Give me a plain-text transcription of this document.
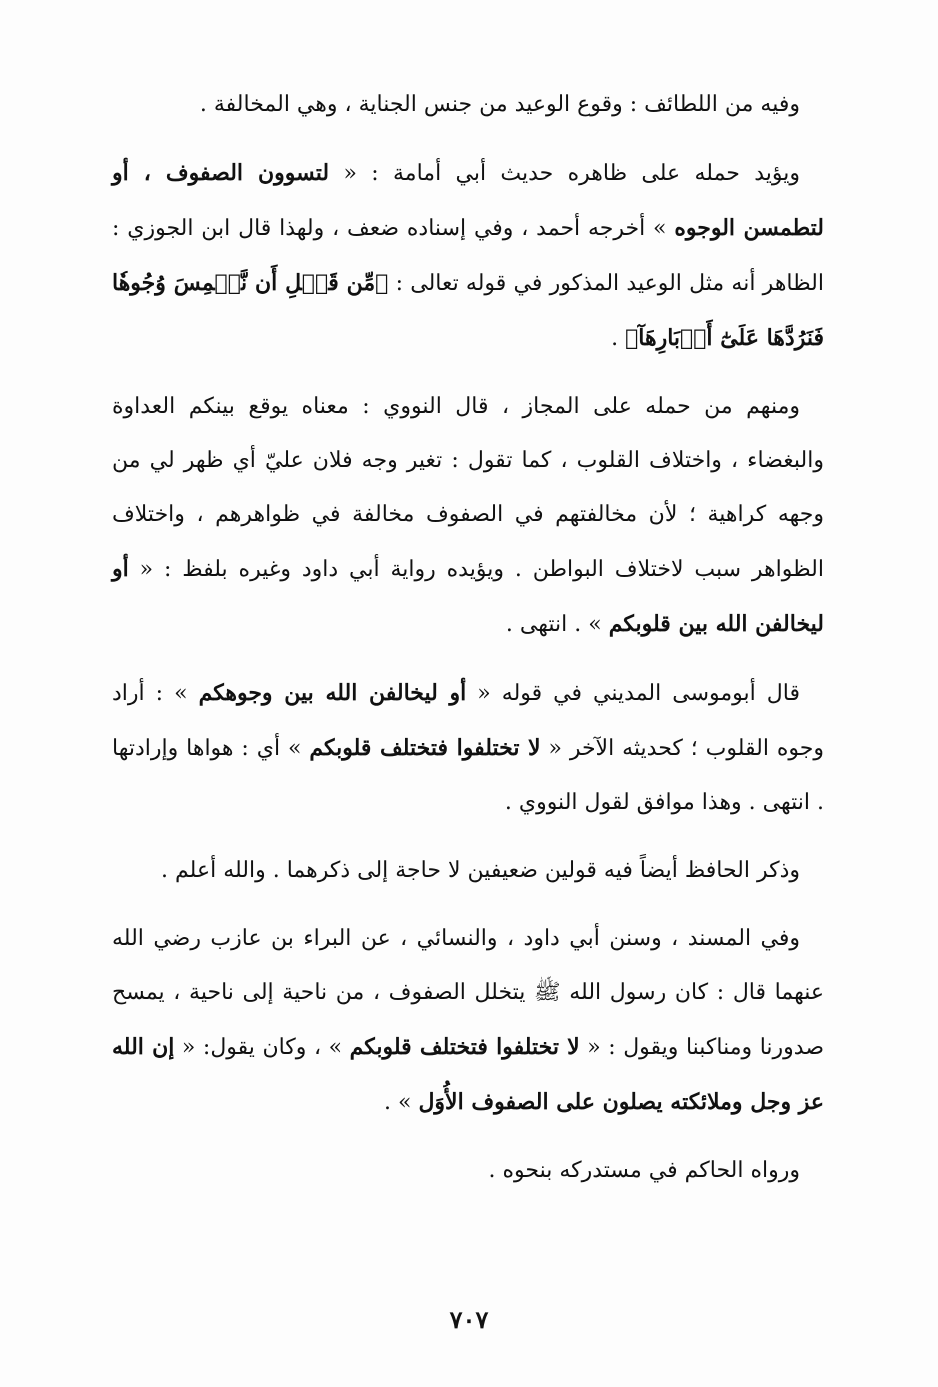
وفيه من اللطائف : وقوع الوعيد من جنس الجناية ، وهي المخالفة .

ويؤيد حمله على ظاهره حديث أبي أمامة : « لتسوون الصفوف ، أو لتطمسن الوجوه » أخرجه أحمد ، وفي إسناده ضعف ، ولهذا قال ابن الجوزي : الظاهر أنه مثل الوعيد المذكور في قوله تعالى : ﴿مِّن قَبۡلِ أَن نَّطۡمِسَ وُجُوهٗا فَنَرُدَّهَا عَلَىٰٓ أَدۡبَارِهَآ﴾ .

ومنهم من حمله على المجاز ، قال النووي : معناه يوقع بينكم العداوة والبغضاء ، واختلاف القلوب ، كما تقول : تغير وجه فلان عليّ أي ظهر لي من وجهه كراهية ؛ لأن مخالفتهم في الصفوف مخالفة في ظواهرهم ، واختلاف الظواهر سبب لاختلاف البواطن . ويؤيده رواية أبي داود وغيره بلفظ : « أو ليخالفن الله بين قلوبكم » . انتهى .

قال أبوموسى المديني في قوله « أو ليخالفن الله بين وجوهكم » : أراد وجوه القلوب ؛ كحديثه الآخر « لا تختلفوا فتختلف قلوبكم » أي : هواها وإرادتها . انتهى . وهذا موافق لقول النووي .

وذكر الحافظ أيضاً فيه قولين ضعيفين لا حاجة إلى ذكرهما . والله أعلم .

وفي المسند ، وسنن أبي داود ، والنسائي ، عن البراء بن عازب رضي الله عنهما قال : كان رسول الله ﷺ يتخلل الصفوف ، من ناحية إلى ناحية ، يمسح صدورنا ومناكبنا ويقول : « لا تختلفوا فتختلف قلوبكم » ، وكان يقول: « إن الله عز وجل وملائكته يصلون على الصفوف الأُوَل » .

ورواه الحاكم في مستدركه بنحوه .

٧٠٧
